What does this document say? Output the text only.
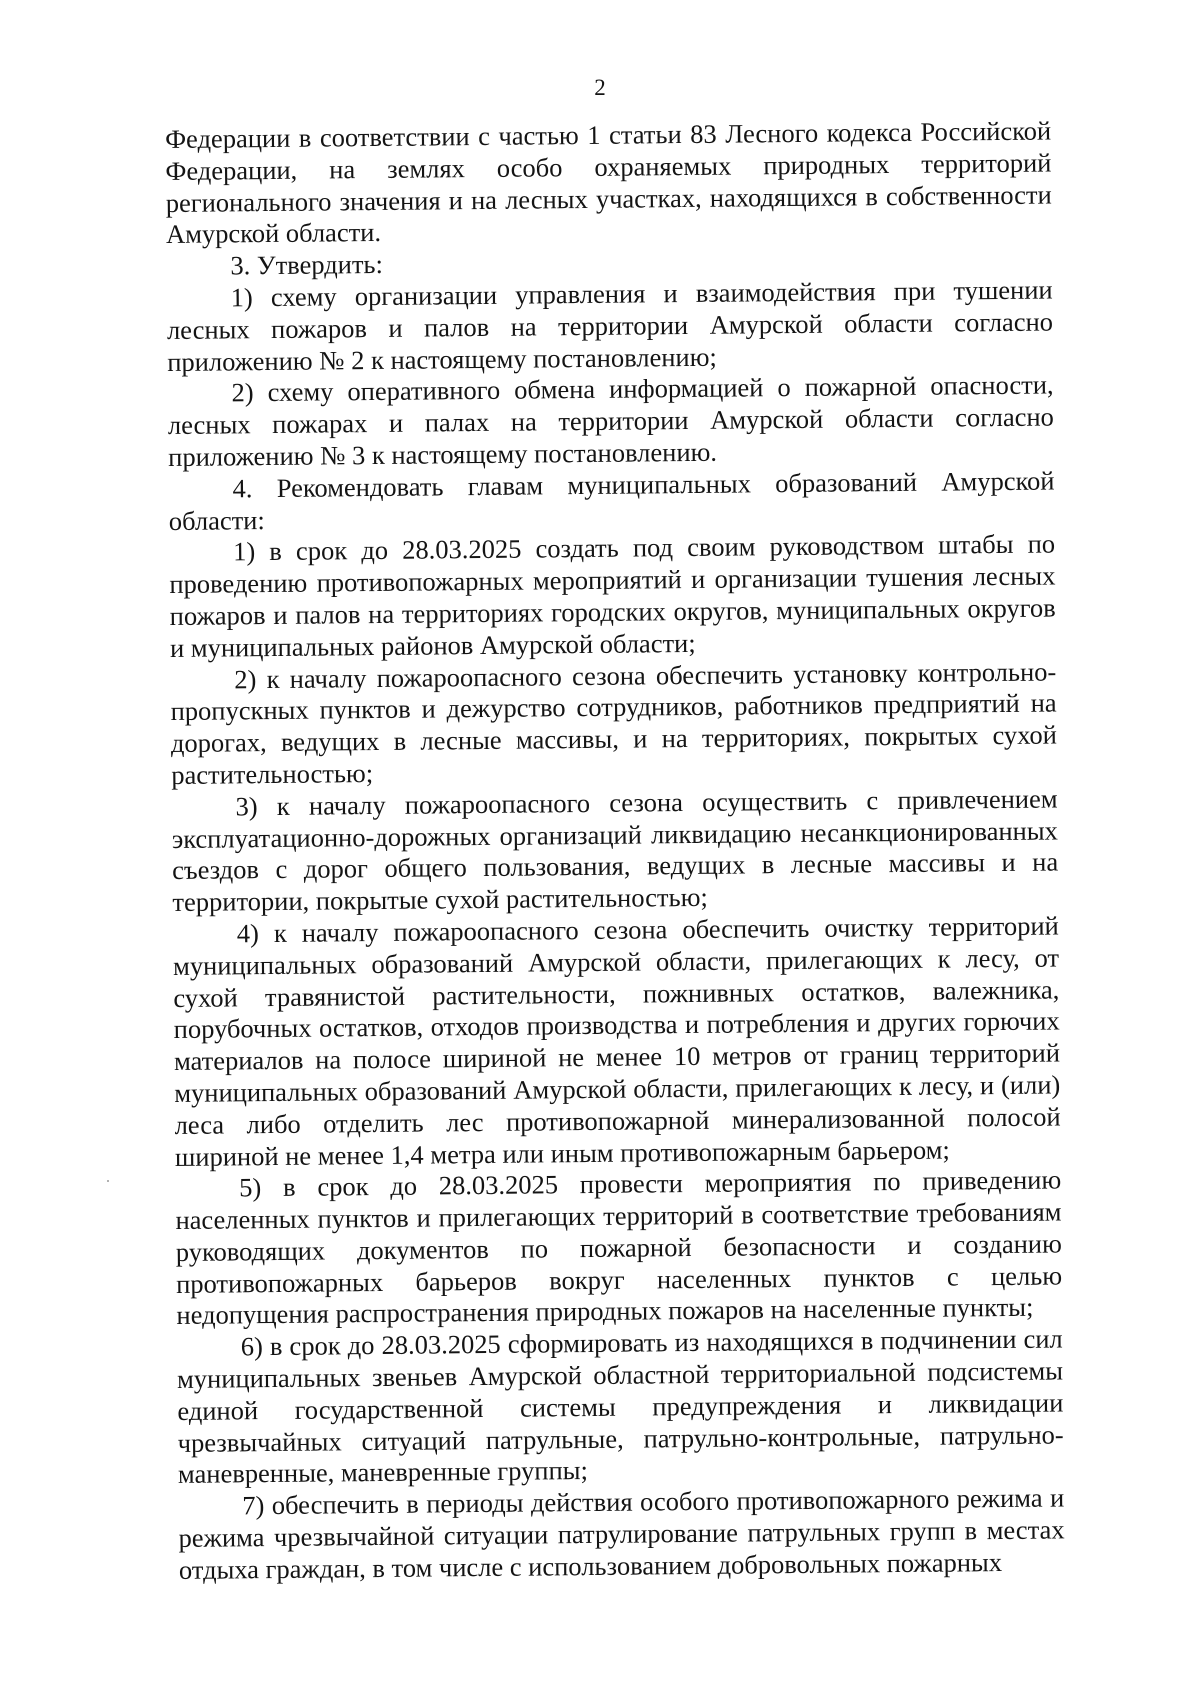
2

Федерации в соответствии с частью 1 статьи 83 Лесного кодекса Российской Федерации, на землях особо охраняемых природных территорий регионального значения и на лесных участках, находящихся в собственности Амурской области.

3. Утвердить:

1) схему организации управления и взаимодействия при тушении лесных пожаров и палов на территории Амурской области согласно приложению № 2 к настоящему постановлению;

2) схему оперативного обмена информацией о пожарной опасности, лесных пожарах и палах на территории Амурской области согласно приложению № 3 к настоящему постановлению.

4. Рекомендовать главам муниципальных образований Амурской области:

1) в срок до 28.03.2025 создать под своим руководством штабы по проведению противопожарных мероприятий и организации тушения лесных пожаров и палов на территориях городских округов, муниципальных округов и муниципальных районов Амурской области;

2) к началу пожароопасного сезона обеспечить установку контрольно-пропускных пунктов и дежурство сотрудников, работников предприятий на дорогах, ведущих в лесные массивы, и на территориях, покрытых сухой растительностью;

3) к началу пожароопасного сезона осуществить с привлечением эксплуатационно-дорожных организаций ликвидацию несанкционированных съездов с дорог общего пользования, ведущих в лесные массивы и на территории, покрытые сухой растительностью;

4) к началу пожароопасного сезона обеспечить очистку территорий муниципальных образований Амурской области, прилегающих к лесу, от сухой травянистой растительности, пожнивных остатков, валежника, порубочных остатков, отходов производства и потребления и других горючих материалов на полосе шириной не менее 10 метров от границ территорий муниципальных образований Амурской области, прилегающих к лесу, и (или) леса либо отделить лес противопожарной минерализованной полосой шириной не менее 1,4 метра или иным противопожарным барьером;

5) в срок до 28.03.2025 провести мероприятия по приведению населенных пунктов и прилегающих территорий в соответствие требованиям руководящих документов по пожарной безопасности и созданию противопожарных барьеров вокруг населенных пунктов с целью недопущения распространения природных пожаров на населенные пункты;

6) в срок до 28.03.2025 сформировать из находящихся в подчинении сил муниципальных звеньев Амурской областной территориальной подсистемы единой государственной системы предупреждения и ликвидации чрезвычайных ситуаций патрульные, патрульно-контрольные, патрульно-маневренные, маневренные группы;

7) обеспечить в периоды действия особого противопожарного режима и режима чрезвычайной ситуации патрулирование патрульных групп в местах отдыха граждан, в том числе с использованием добровольных пожарных
